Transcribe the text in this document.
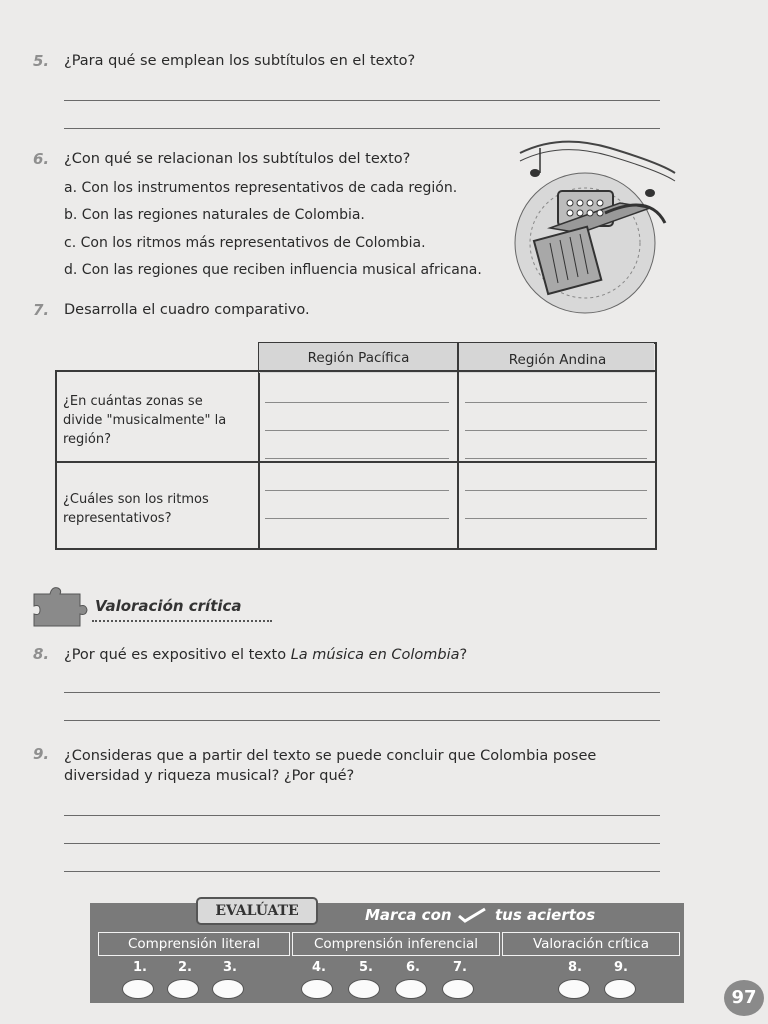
5. ¿Para qué se emplean los subtítulos en el texto?
6. ¿Con qué se relacionan los subtítulos del texto?
a. Con los instrumentos representativos de cada región.
b. Con las regiones naturales de Colombia.
c. Con los ritmos más representativos de Colombia.
d. Con las regiones que reciben influencia musical africana.
7. Desarrolla el cuadro comparativo.
Región Pacífica	Región Andina
¿En cuántas zonas se
divide "musicalmente" la
región?
¿Cuáles son los ritmos
representativos?
Valoración crítica
8. ¿Por qué es expositivo el texto La música en Colombia?
9. ¿Consideras que a partir del texto se puede concluir que Colombia posee
diversidad y riqueza musical? ¿Por qué?
EVALÚATE	Marca con	tus aciertos
Comprensión literal	Comprensión inferencial	Valoración crítica
1. 2. 3.	4.	5.	6.	7.	8. 9.
97
